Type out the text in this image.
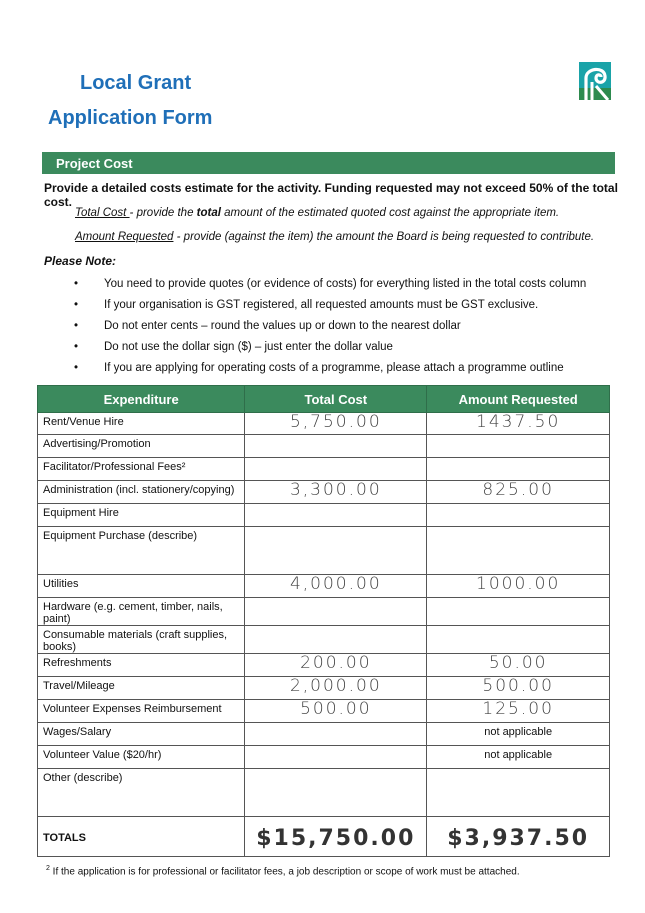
Local Grant
Application Form
Project Cost
Provide a detailed costs estimate for the activity. Funding requested may not exceed 50% of the total cost.
Total Cost - provide the total amount of the estimated quoted cost against the appropriate item.
Amount Requested - provide (against the item) the amount the Board is being requested to contribute.
Please Note:
• You need to provide quotes (or evidence of costs) for everything listed in the total costs column
• If your organisation is GST registered, all requested amounts must be GST exclusive.
• Do not enter cents – round the values up or down to the nearest dollar
• Do not use the dollar sign ($) – just enter the dollar value
• If you are applying for operating costs of a programme, please attach a programme outline
Expenditure	Total Cost	Amount Requested
Rent/Venue Hire	5,750.00	1437.50
Advertising/Promotion		
Facilitator/Professional Fees²		
Administration (incl. stationery/copying)	3,300.00	825.00
Equipment Hire		
Equipment Purchase (describe)		
Utilities	4,000.00	1000.00
Hardware (e.g. cement, timber, nails, paint)		
Consumable materials (craft supplies, books)		
Refreshments	200.00	50.00
Travel/Mileage	2,000.00	500.00
Volunteer Expenses Reimbursement	500.00	125.00
Wages/Salary		not applicable
Volunteer Value ($20/hr)		not applicable
Other (describe)		
TOTALS	$15,750.00	$3,937.50
$^2$ If the application is for professional or facilitator fees, a job description or scope of work must be attached.
